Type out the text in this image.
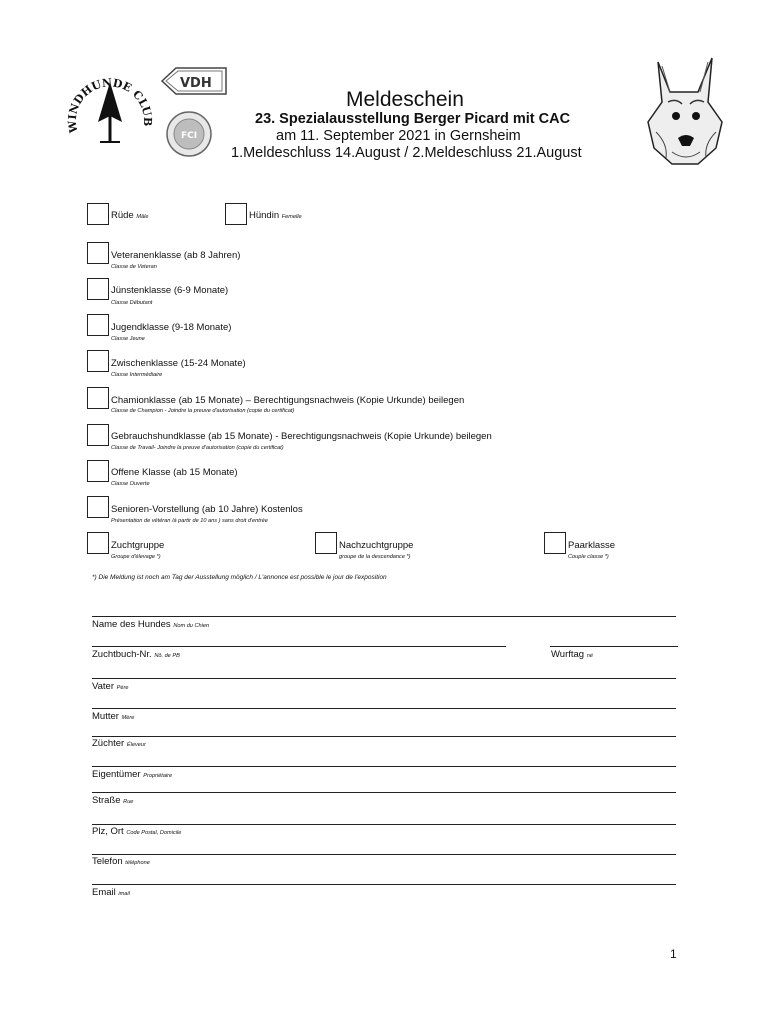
WINDHUNDE CLUB
VDH
FCI
Meldeschein
23. Spezialausstellung Berger Picard mit CAC
am 11. September 2021 in Gernsheim
1.Meldeschluss 14.August / 2.Meldeschluss 21.August
Rüde Mâle	Hündin Femelle
Veteranenklasse (ab 8 Jahren)
Classe de Veteran
Jünstenklasse (6-9 Monate)
Classe Débutant
Jugendklasse (9-18 Monate)
Classe Jeune
Zwischenklasse (15-24 Monate)
Classe Intermédiaire
Chamionklasse (ab 15 Monate) – Berechtigungsnachweis (Kopie Urkunde) beilegen
Classe de Champion - Joindre la preuve d'autorisation (copie du certificat)
Gebrauchshundklasse (ab 15 Monate) - Berechtigungsnachweis (Kopie Urkunde) beilegen
Classe de Travail- Joindre la preuve d'autorisation (copie du certificat)
Offene Klasse (ab 15 Monate)
Classe Ouverte
Senioren-Vorstellung (ab 10 Jahre) Kostenlos
Présentation de vétéran /à partir de 10 ans ) sans droit d'entrée
Zuchtgruppe
Groupe d'élevage *)
Nachzuchtgruppe
groupe de la descendance *)
Paarklasse
Couple classe *)
*) Die Meldung ist noch am Tag der Ausstellung möglich / L'annonce est possible le jour de l'exposition
Name des Hundes Nom du Chien
Zuchtbuch-Nr. Nô. de PB	Wurftag né
Vater Père
Mutter Mère
Züchter Éleveur
Eigentümer Propriétaire
Straße Rue
Plz, Ort Code Postal, Domicile
Telefon téléphone
Email imail
1
